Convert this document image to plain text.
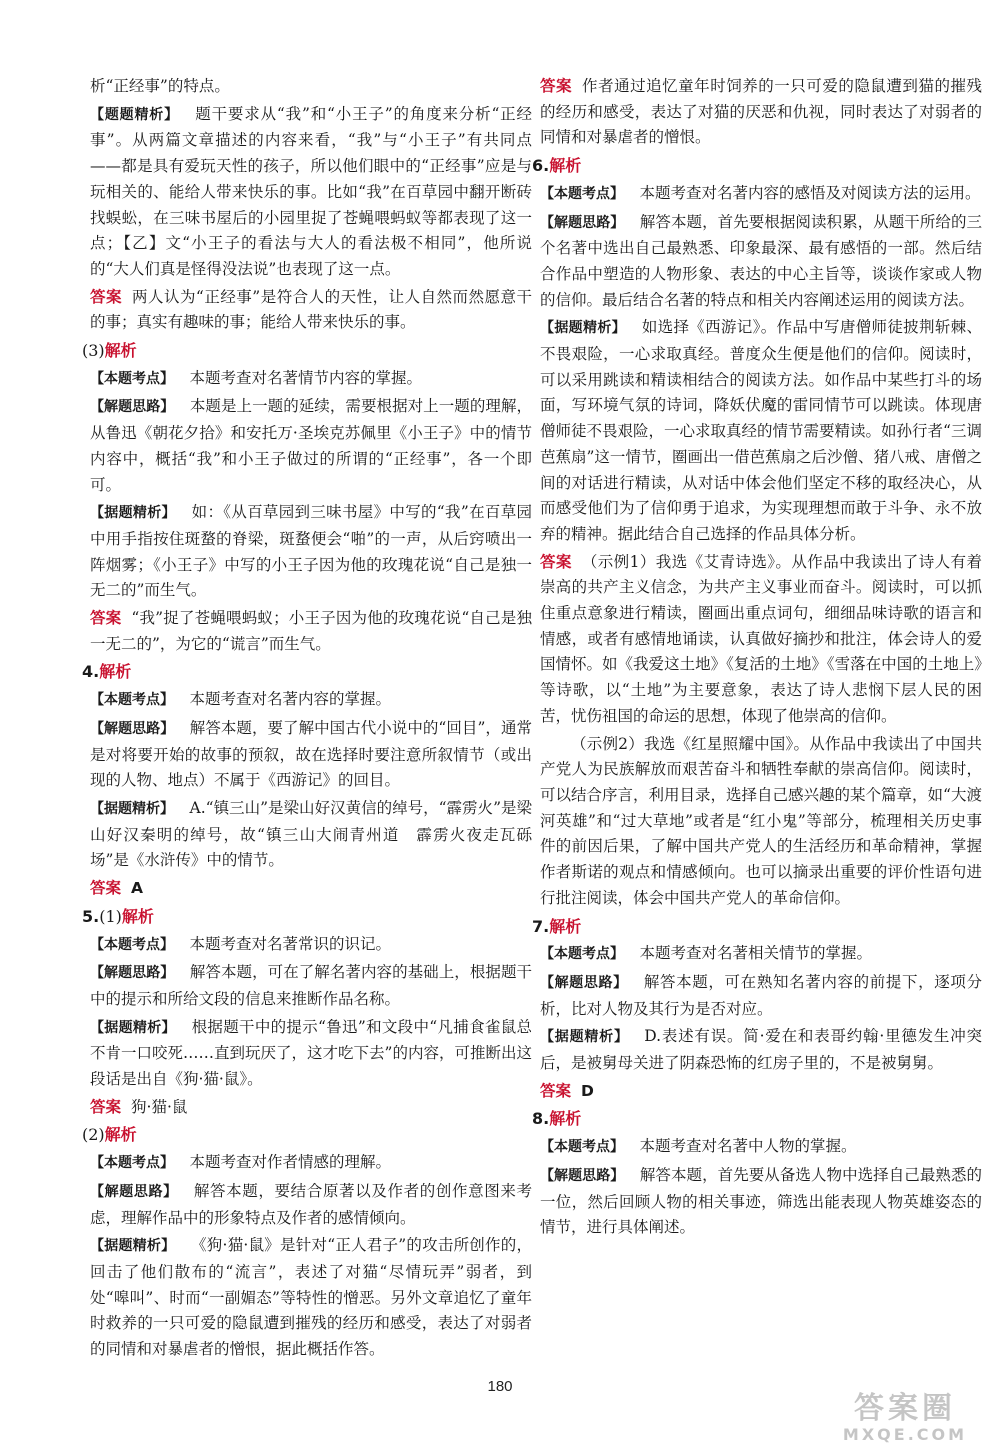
析“正经事”的特点。

【题题精析】  题干要求从“我”和“小王子”的角度来分析“正经事”。从两篇文章描述的内容来看，“我”与“小王子”有共同点——都是具有爱玩天性的孩子，所以他们眼中的“正经事”应是与玩相关的、能给人带来快乐的事。比如“我”在百草园中翻开断砖找蜈蚣，在三味书屋后的小园里捉了苍蝇喂蚂蚁等都表现了这一点；【乙】文“小王子的看法与大人的看法极不相同”，他所说的“大人们真是怪得没法说”也表现了这一点。

答案 两人认为“正经事”是符合人的天性，让人自然而然愿意干的事；真实有趣味的事；能给人带来快乐的事。

(3)解析

【本题考点】  本题考查对名著情节内容的掌握。

【解题思路】  本题是上一题的延续，需要根据对上一题的理解，从鲁迅《朝花夕拾》和安托万·圣埃克苏佩里《小王子》中的情节内容中，概括“我”和小王子做过的所谓的“正经事”，各一个即可。

【据题精析】  如：《从百草园到三味书屋》中写的“我”在百草园中用手指按住斑蝥的脊梁，斑蝥便会“啪”的一声，从后窍喷出一阵烟雾；《小王子》中写的小王子因为他的玫瑰花说“自己是独一无二的”而生气。

答案 “我”捉了苍蝇喂蚂蚁；小王子因为他的玫瑰花说“自己是独一无二的”，为它的“谎言”而生气。

4.解析

【本题考点】  本题考查对名著内容的掌握。

【解题思路】  解答本题，要了解中国古代小说中的“回目”，通常是对将要开始的故事的预叙，故在选择时要注意所叙情节（或出现的人物、地点）不属于《西游记》的回目。

【据题精析】  A.“镇三山”是梁山好汉黄信的绰号，“霹雳火”是梁山好汉秦明的绰号，故“镇三山大闹青州道　霹雳火夜走瓦砾场”是《水浒传》中的情节。

答案 A

5.(1)解析

【本题考点】  本题考查对名著常识的识记。

【解题思路】  解答本题，可在了解名著内容的基础上，根据题干中的提示和所给文段的信息来推断作品名称。

【据题精析】  根据题干中的提示“鲁迅”和文段中“凡捕食雀鼠总不肯一口咬死……直到玩厌了，这才吃下去”的内容，可推断出这段话是出自《狗·猫·鼠》。

答案 狗·猫·鼠

(2)解析

【本题考点】  本题考查对作者情感的理解。

【解题思路】  解答本题，要结合原著以及作者的创作意图来考虑，理解作品中的形象特点及作者的感情倾向。

【据题精析】  《狗·猫·鼠》是针对“正人君子”的攻击所创作的，回击了他们散布的“流言”，表述了对猫“尽情玩弄”弱者，到处“嗥叫”、时而“一副媚态”等特性的憎恶。另外文章追忆了童年时救养的一只可爱的隐鼠遭到摧残的经历和感受，表达了对弱者的同情和对暴虐者的憎恨，据此概括作答。

答案 作者通过追忆童年时饲养的一只可爱的隐鼠遭到猫的摧残的经历和感受，表达了对猫的厌恶和仇视，同时表达了对弱者的同情和对暴虐者的憎恨。

6.解析

【本题考点】  本题考查对名著内容的感悟及对阅读方法的运用。

【解题思路】  解答本题，首先要根据阅读积累，从题干所给的三个名著中选出自己最熟悉、印象最深、最有感悟的一部。然后结合作品中塑造的人物形象、表达的中心主旨等，谈谈作家或人物的信仰。最后结合名著的特点和相关内容阐述运用的阅读方法。

【据题精析】  如选择《西游记》。作品中写唐僧师徒披荆斩棘、不畏艰险，一心求取真经。普度众生便是他们的信仰。阅读时，可以采用跳读和精读相结合的阅读方法。如作品中某些打斗的场面，写环境气氛的诗词，降妖伏魔的雷同情节可以跳读。体现唐僧师徒不畏艰险，一心求取真经的情节需要精读。如孙行者“三调芭蕉扇”这一情节，圈画出一借芭蕉扇之后沙僧、猪八戒、唐僧之间的对话进行精读，从对话中体会他们坚定不移的取经决心，从而感受他们为了信仰勇于追求，为实现理想而敢于斗争、永不放弃的精神。据此结合自己选择的作品具体分析。

答案 （示例1）我选《艾青诗选》。从作品中我读出了诗人有着崇高的共产主义信念，为共产主义事业而奋斗。阅读时，可以抓住重点意象进行精读，圈画出重点词句，细细品味诗歌的语言和情感，或者有感情地诵读，认真做好摘抄和批注，体会诗人的爱国情怀。如《我爱这土地》《复活的土地》《雪落在中国的土地上》等诗歌，以“土地”为主要意象，表达了诗人悲悯下层人民的困苦，忧伤祖国的命运的思想，体现了他崇高的信仰。

（示例2）我选《红星照耀中国》。从作品中我读出了中国共产党人为民族解放而艰苦奋斗和牺牲奉献的崇高信仰。阅读时，可以结合序言，利用目录，选择自己感兴趣的某个篇章，如“大渡河英雄”和“过大草地”或者是“红小鬼”等部分，梳理相关历史事件的前因后果，了解中国共产党人的生活经历和革命精神，掌握作者斯诺的观点和情感倾向。也可以摘录出重要的评价性语句进行批注阅读，体会中国共产党人的革命信仰。

7.解析

【本题考点】  本题考查对名著相关情节的掌握。

【解题思路】  解答本题，可在熟知名著内容的前提下，逐项分析，比对人物及其行为是否对应。

【据题精析】  D.表述有误。简·爱在和表哥约翰·里德发生冲突后，是被舅母关进了阴森恐怖的红房子里的，不是被舅舅。

答案 D

8.解析

【本题考点】  本题考查对名著中人物的掌握。

【解题思路】  解答本题，首先要从备选人物中选择自己最熟悉的一位，然后回顾人物的相关事迹，筛选出能表现人物英雄姿态的情节，进行具体阐述。

180
答案圈
MXQE.COM
